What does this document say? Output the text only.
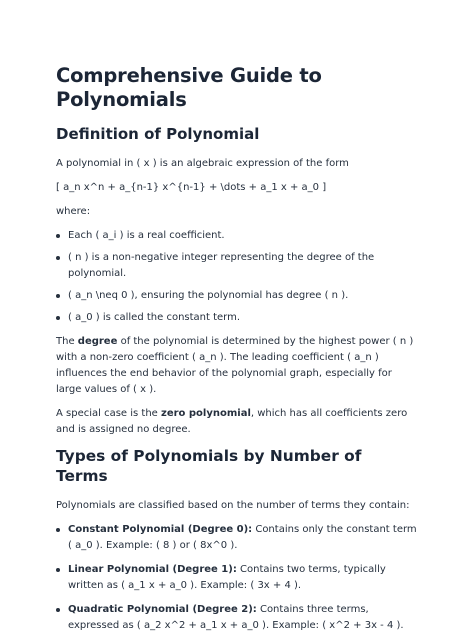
Comprehensive Guide to Polynomials
Definition of Polynomial

A polynomial in ( x ) is an algebraic expression of the form

[ a_n x^n + a_{n-1} x^{n-1} + \dots + a_1 x + a_0 ]

where:

Each ( a_i ) is a real coefficient.
( n ) is a non-negative integer representing the degree of the polynomial.
( a_n \neq 0 ), ensuring the polynomial has degree ( n ).
( a_0 ) is called the constant term.

The degree of the polynomial is determined by the highest power ( n ) with a non-zero coefficient ( a_n ). The leading coefficient ( a_n ) influences the end behavior of the polynomial graph, especially for large values of ( x ).

A special case is the zero polynomial, which has all coefficients zero and is assigned no degree.

Types of Polynomials by Number of Terms

Polynomials are classified based on the number of terms they contain:

Constant Polynomial (Degree 0): Contains only the constant term ( a_0 ). Example: ( 8 ) or ( 8x^0 ).
Linear Polynomial (Degree 1): Contains two terms, typically written as ( a_1 x + a_0 ). Example: ( 3x + 4 ).
Quadratic Polynomial (Degree 2): Contains three terms, expressed as ( a_2 x^2 + a_1 x + a_0 ). Example: ( x^2 + 3x - 4 ).
